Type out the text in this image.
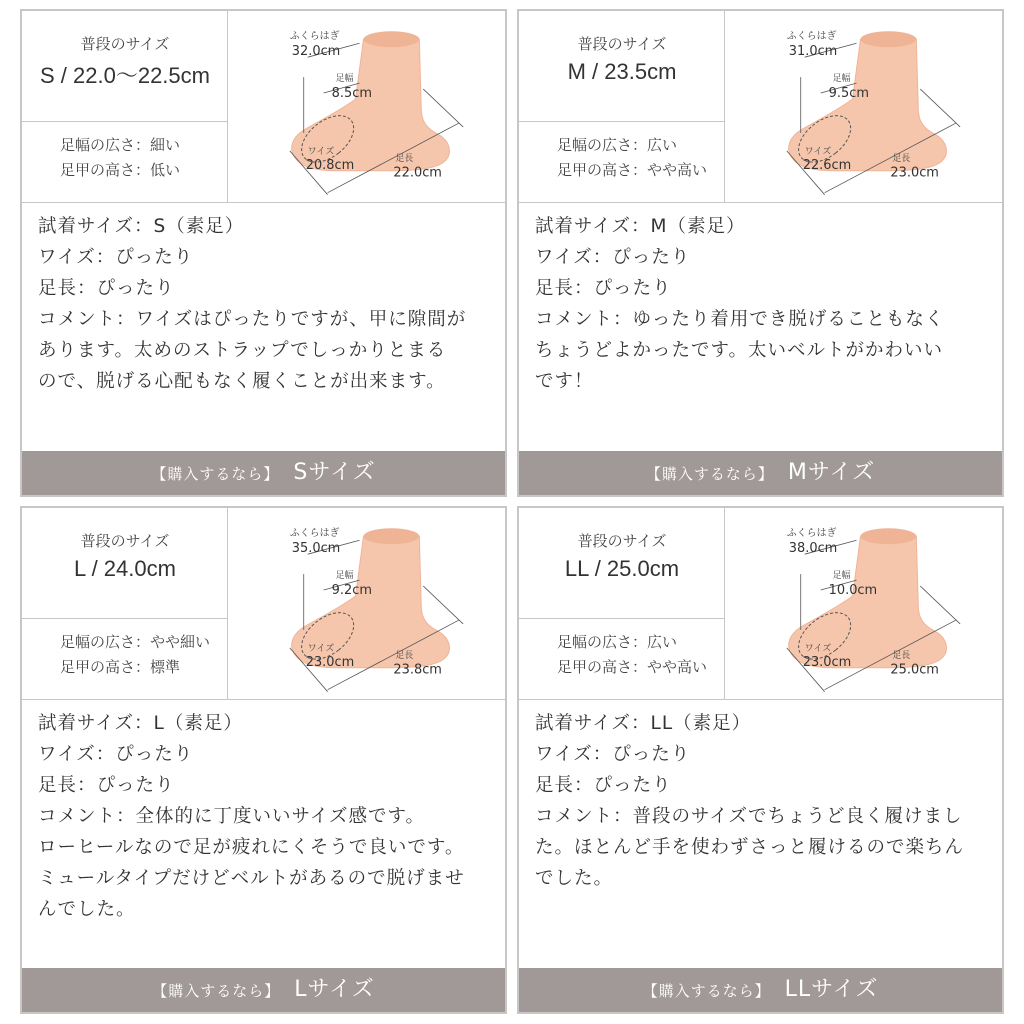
普段のサイズ
S / 22.0〜22.5cm
足幅の広さ：細い
足甲の高さ：低い
ふくらはぎ
32.0cm
足幅
8.5cm
ワイズ
20.8cm	足長
22.0cm

試着サイズ：S（素足）

ワイズ：ぴったり

足長：ぴったり

コメント：ワイズはぴったりですが、甲に隙間が

あります。太めのストラップでしっかりとまる

ので、脱げる心配もなく履くことが出来ます。

【購入するなら】 Sサイズ
普段のサイズ
M / 23.5cm
足幅の広さ：広い
足甲の高さ：やや高い
ふくらはぎ
31.0cm
足幅
9.5cm
ワイズ
22.6cm	足長
23.0cm

試着サイズ：M（素足）

ワイズ：ぴったり

足長：ぴったり

コメント：ゆったり着用でき脱げることもなく

ちょうどよかったです。太いベルトがかわいい

です！

【購入するなら】 Mサイズ
普段のサイズ
L / 24.0cm
足幅の広さ：やや細い
足甲の高さ：標準
ふくらはぎ
35.0cm
足幅
9.2cm
ワイズ
23.0cm	足長
23.8cm

試着サイズ：L（素足）

ワイズ：ぴったり

足長：ぴったり

コメント：全体的に丁度いいサイズ感です。

ローヒールなので足が疲れにくそうで良いです。

ミュールタイプだけどベルトがあるので脱げませ

んでした。

【購入するなら】 Lサイズ
普段のサイズ
LL / 25.0cm
足幅の広さ：広い
足甲の高さ：やや高い
ふくらはぎ
38.0cm
足幅
10.0cm
ワイズ
23.0cm	足長
25.0cm

試着サイズ：LL（素足）

ワイズ：ぴったり

足長：ぴったり

コメント：普段のサイズでちょうど良く履けまし

た。ほとんど手を使わずさっと履けるので楽ちん

でした。

【購入するなら】 LLサイズ
